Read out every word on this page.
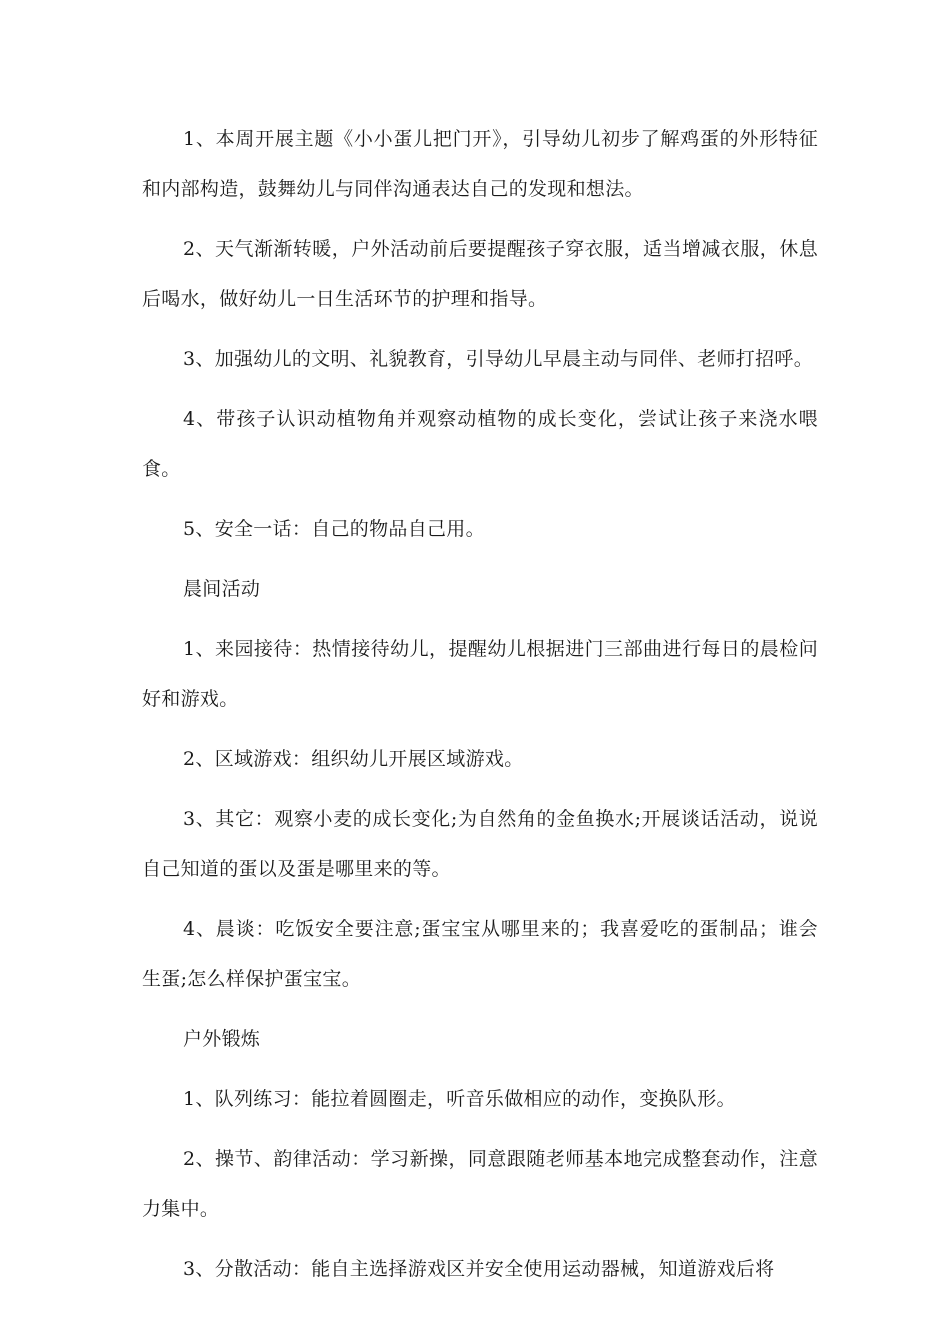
1、本周开展主题《小小蛋儿把门开》，引导幼儿初步了解鸡蛋的外形特征和内部构造，鼓舞幼儿与同伴沟通表达自己的发现和想法。

2、天气渐渐转暖，户外活动前后要提醒孩子穿衣服，适当增减衣服，休息后喝水，做好幼儿一日生活环节的护理和指导。

3、加强幼儿的文明、礼貌教育，引导幼儿早晨主动与同伴、老师打招呼。

4、带孩子认识动植物角并观察动植物的成长变化，尝试让孩子来浇水喂食。

5、安全一话：自己的物品自己用。

晨间活动

1、来园接待：热情接待幼儿，提醒幼儿根据进门三部曲进行每日的晨检问好和游戏。

2、区域游戏：组织幼儿开展区域游戏。

3、其它：观察小麦的成长变化;为自然角的金鱼换水;开展谈话活动，说说自己知道的蛋以及蛋是哪里来的等。

4、晨谈：吃饭安全要注意;蛋宝宝从哪里来的；我喜爱吃的蛋制品；谁会生蛋;怎么样保护蛋宝宝。

户外锻炼

1、队列练习：能拉着圆圈走，听音乐做相应的动作，变换队形。

2、操节、韵律活动：学习新操，同意跟随老师基本地完成整套动作，注意力集中。

3、分散活动：能自主选择游戏区并安全使用运动器械，知道游戏后将
